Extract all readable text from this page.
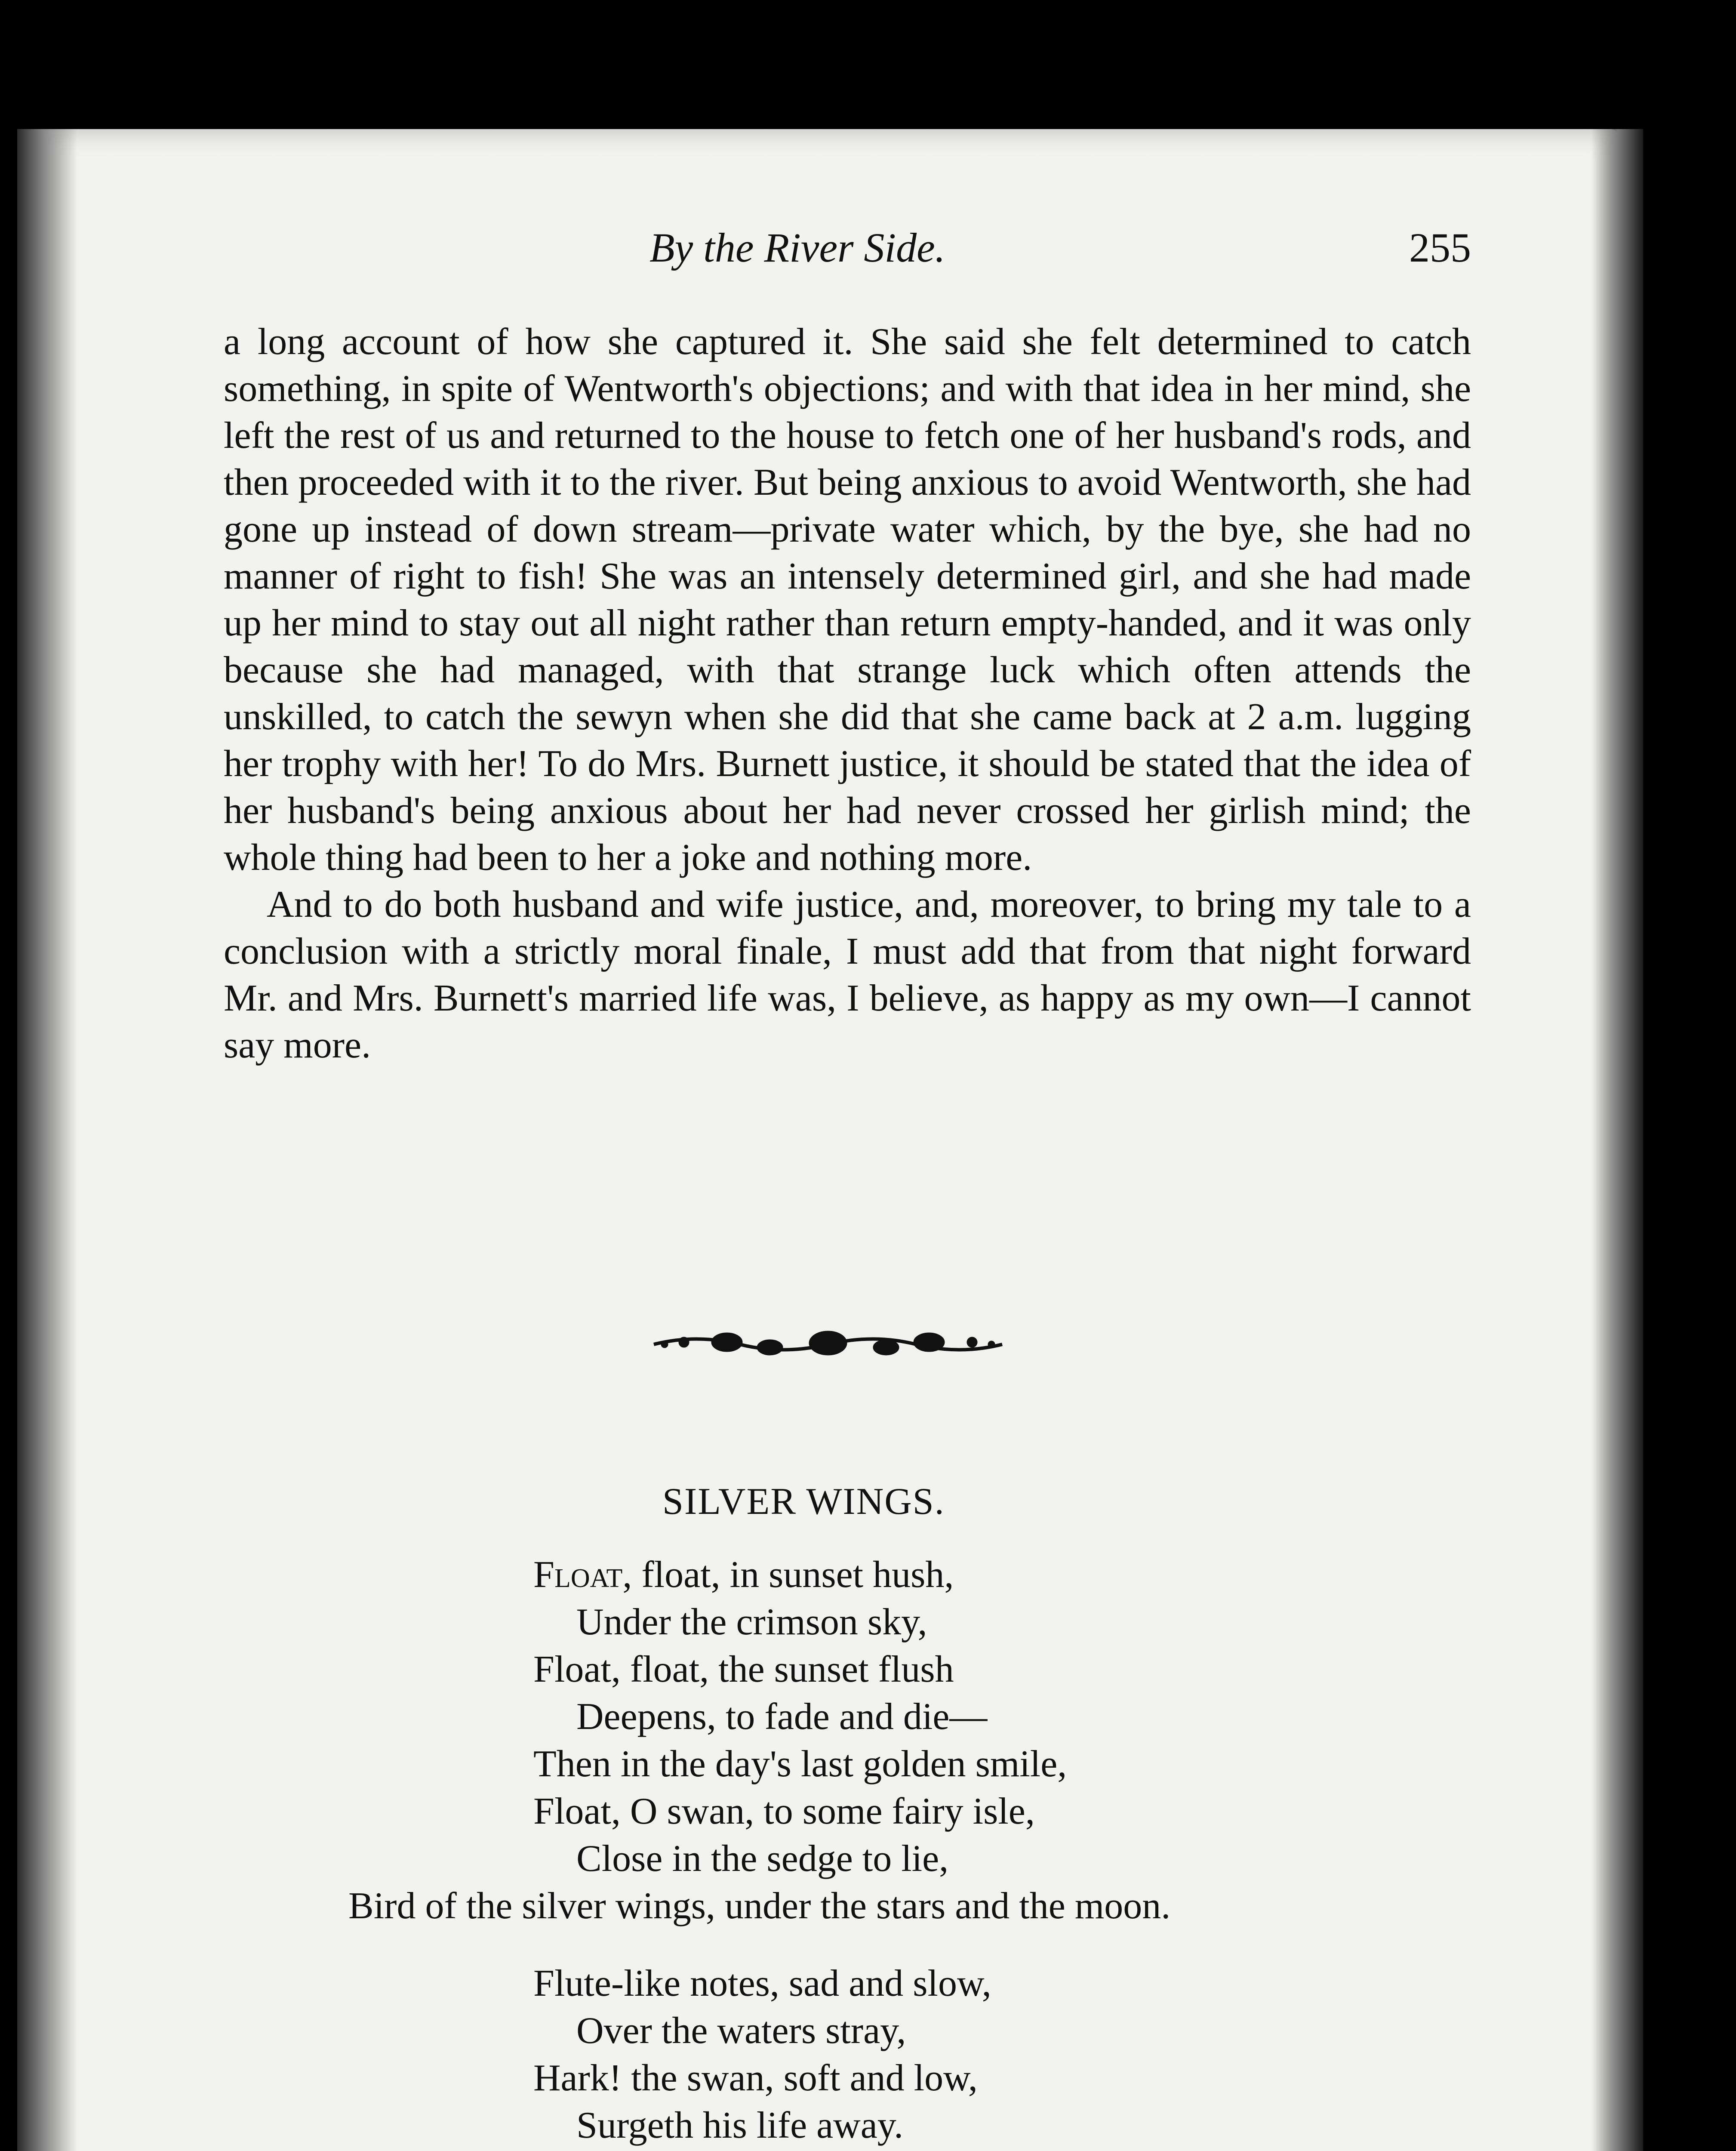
By the River Side.	255

a long account of how she captured it. She said she felt determined to catch something, in spite of Wentworth's objections; and with that idea in her mind, she left the rest of us and returned to the house to fetch one of her husband's rods, and then proceeded with it to the river. But being anxious to avoid Wentworth, she had gone up instead of down stream—private water which, by the bye, she had no manner of right to fish! She was an intensely determined girl, and she had made up her mind to stay out all night rather than return empty-handed, and it was only because she had managed, with that strange luck which often attends the unskilled, to catch the sewyn when she did that she came back at 2 a.m. lugging her trophy with her! To do Mrs. Burnett justice, it should be stated that the idea of her husband's being anxious about her had never crossed her girlish mind; the whole thing had been to her a joke and nothing more.

And to do both husband and wife justice, and, moreover, to bring my tale to a conclusion with a strictly moral finale, I must add that from that night forward Mr. and Mrs. Burnett's married life was, I believe, as happy as my own—I cannot say more.

SILVER WINGS.
Float, float, in sunset hush,
Under the crimson sky,
Float, float, the sunset flush
Deepens, to fade and die—
Then in the day's last golden smile,
Float, O swan, to some fairy isle,
Close in the sedge to lie,
Bird of the silver wings, under the stars and the moon.
Flute-like notes, sad and slow,
Over the waters stray,
Hark! the swan, soft and low,
Surgeth his life away.
